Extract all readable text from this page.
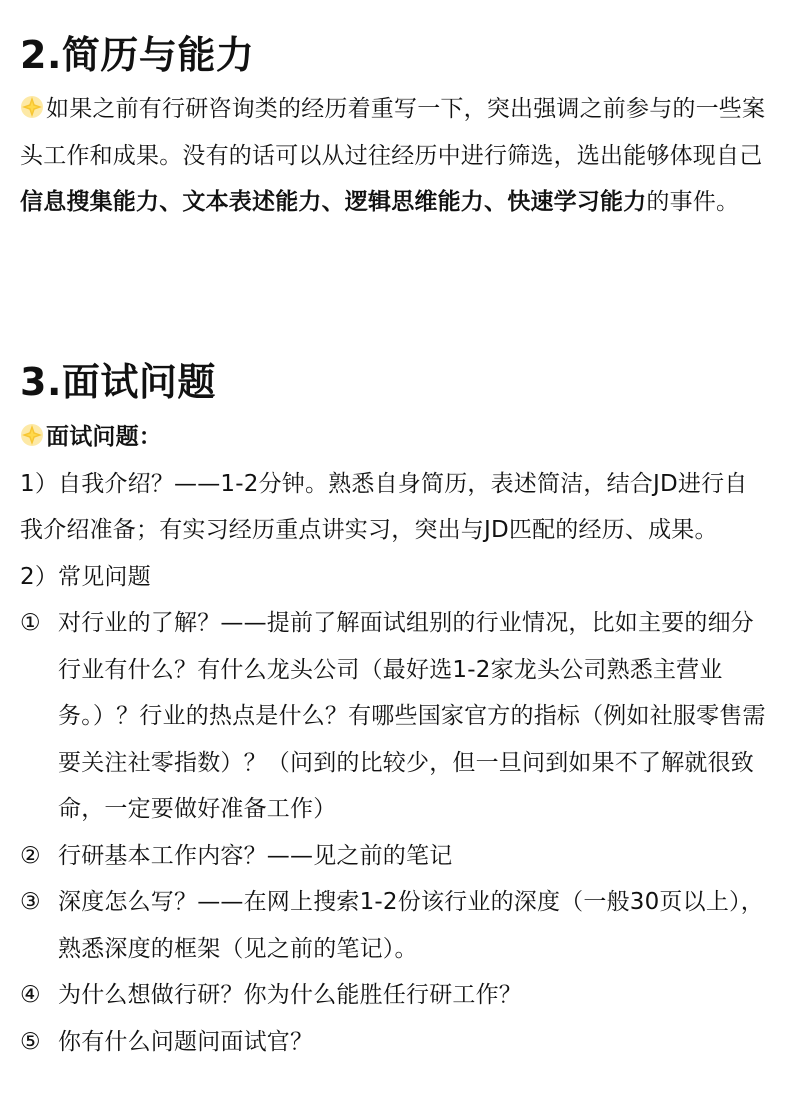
2.简历与能力

如果之前有行研咨询类的经历着重写一下，突出强调之前参与的一些案头工作和成果。没有的话可以从过往经历中进行筛选，选出能够体现自己信息搜集能力、文本表述能力、逻辑思维能力、快速学习能力的事件。

3.面试问题

面试问题：

1）自我介绍？——1-2分钟。熟悉自身简历，表述简洁，结合JD进行自我介绍准备；有实习经历重点讲实习，突出与JD匹配的经历、成果。

2）常见问题

① 对行业的了解？——提前了解面试组别的行业情况，比如主要的细分行业有什么？有什么龙头公司（最好选1-2家龙头公司熟悉主营业务。）？行业的热点是什么？有哪些国家官方的指标（例如社服零售需要关注社零指数）？（问到的比较少，但一旦问到如果不了解就很致命，一定要做好准备工作）
② 行研基本工作内容？——见之前的笔记
③ 深度怎么写？——在网上搜索1-2份该行业的深度（一般30页以上），熟悉深度的框架（见之前的笔记）。
④ 为什么想做行研？你为什么能胜任行研工作？
⑤ 你有什么问题问面试官？
